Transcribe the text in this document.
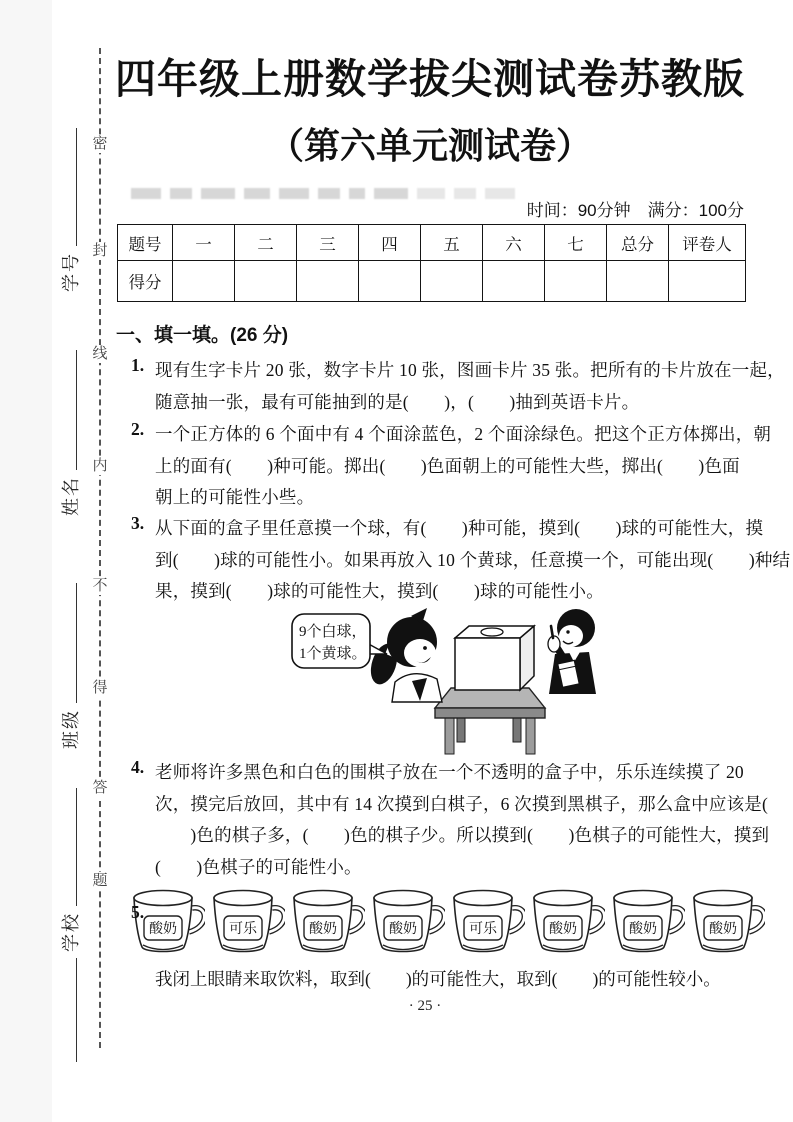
密
封
线
内
不
得
答
题
学号
姓名
班级
学校
四年级上册数学拔尖测试卷苏教版
（第六单元测试卷）
时间：90分钟　满分：100分
题号	一	二	三	四	五	六	七	总分	评卷人
得分									
一、填一填。(26 分)
1. 现有生字卡片 20 张，数字卡片 10 张，图画卡片 35 张。把所有的卡片放在一起，
随意抽一张，最有可能抽到的是(　　)，(　　)抽到英语卡片。
2. 一个正方体的 6 个面中有 4 个面涂蓝色，2 个面涂绿色。把这个正方体掷出，朝
上的面有(　　)种可能。掷出(　　)色面朝上的可能性大些，掷出(　　)色面
朝上的可能性小些。
3. 从下面的盒子里任意摸一个球，有(　　)种可能，摸到(　　)球的可能性大，摸
到(　　)球的可能性小。如果再放入 10 个黄球，任意摸一个，可能出现(　　)种结
果，摸到(　　)球的可能性大，摸到(　　)球的可能性小。
9个白球，
1个黄球。
4. 老师将许多黑色和白色的围棋子放在一个不透明的盒子中，乐乐连续摸了 20
次，摸完后放回，其中有 14 次摸到白棋子，6 次摸到黑棋子，那么盒中应该是(
　　)色的棋子多，(　　)色的棋子少。所以摸到(　　)色棋子的可能性大，摸到
(　　)色棋子的可能性小。
5.
酸奶	可乐	酸奶	酸奶	可乐	酸奶	酸奶	酸奶
我闭上眼睛来取饮料，取到(　　)的可能性大，取到(　　)的可能性较小。
· 25 ·
